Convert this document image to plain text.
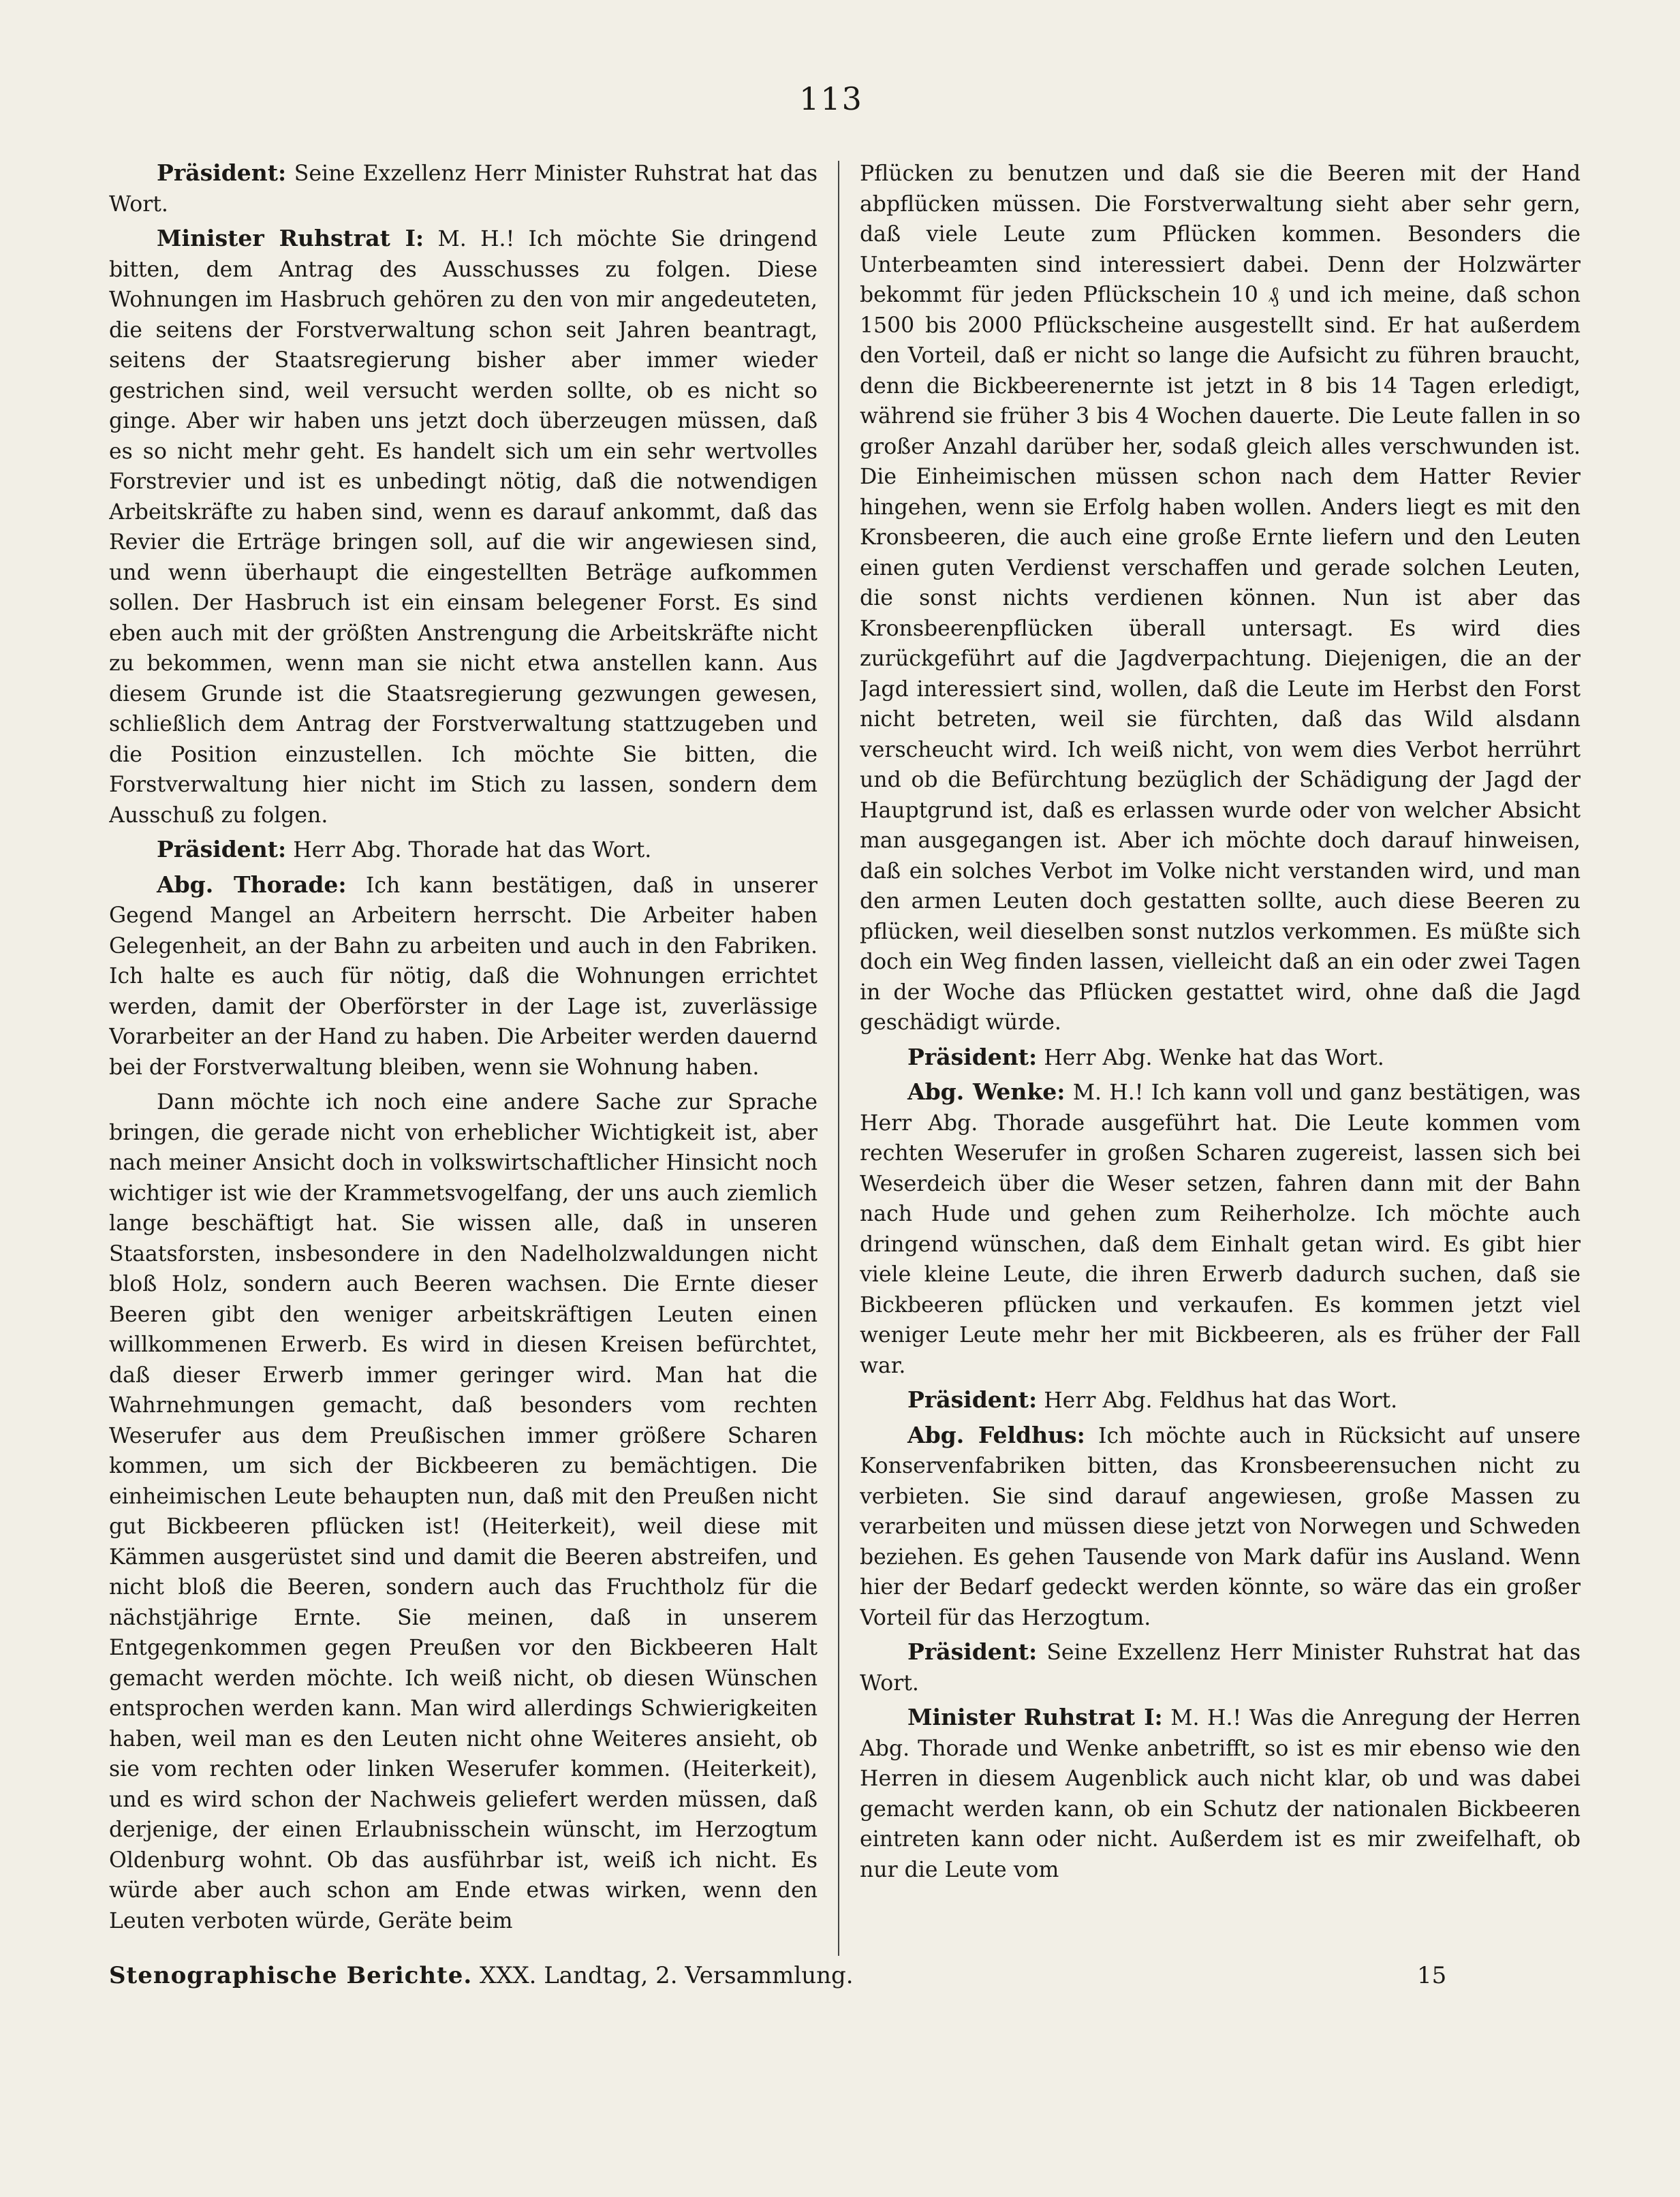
113

Präsident: Seine Exzellenz Herr Minister Ruhstrat hat das Wort.

Minister Ruhstrat I: M. H.! Ich möchte Sie dringend bitten, dem Antrag des Ausschusses zu folgen. Diese Wohnungen im Hasbruch gehören zu den von mir angedeuteten, die seitens der Forstverwaltung schon seit Jahren beantragt, seitens der Staatsregierung bisher aber immer wieder gestrichen sind, weil versucht werden sollte, ob es nicht so ginge. Aber wir haben uns jetzt doch überzeugen müssen, daß es so nicht mehr geht. Es handelt sich um ein sehr wertvolles Forstrevier und ist es unbedingt nötig, daß die notwendigen Arbeitskräfte zu haben sind, wenn es darauf ankommt, daß das Revier die Erträge bringen soll, auf die wir angewiesen sind, und wenn überhaupt die eingestellten Beträge aufkommen sollen. Der Hasbruch ist ein einsam belegener Forst. Es sind eben auch mit der größten Anstrengung die Arbeitskräfte nicht zu bekommen, wenn man sie nicht etwa anstellen kann. Aus diesem Grunde ist die Staatsregierung gezwungen gewesen, schließlich dem Antrag der Forstverwaltung stattzugeben und die Position einzustellen. Ich möchte Sie bitten, die Forstverwaltung hier nicht im Stich zu lassen, sondern dem Ausschuß zu folgen.

Präsident: Herr Abg. Thorade hat das Wort.

Abg. Thorade: Ich kann bestätigen, daß in unserer Gegend Mangel an Arbeitern herrscht. Die Arbeiter haben Gelegenheit, an der Bahn zu arbeiten und auch in den Fabriken. Ich halte es auch für nötig, daß die Wohnungen errichtet werden, damit der Oberförster in der Lage ist, zuverlässige Vorarbeiter an der Hand zu haben. Die Arbeiter werden dauernd bei der Forstverwaltung bleiben, wenn sie Wohnung haben.

Dann möchte ich noch eine andere Sache zur Sprache bringen, die gerade nicht von erheblicher Wichtigkeit ist, aber nach meiner Ansicht doch in volkswirtschaftlicher Hinsicht noch wichtiger ist wie der Krammetsvogelfang, der uns auch ziemlich lange beschäftigt hat. Sie wissen alle, daß in unseren Staatsforsten, insbesondere in den Nadelholzwaldungen nicht bloß Holz, sondern auch Beeren wachsen. Die Ernte dieser Beeren gibt den weniger arbeitskräftigen Leuten einen willkommenen Erwerb. Es wird in diesen Kreisen befürchtet, daß dieser Erwerb immer geringer wird. Man hat die Wahrnehmungen gemacht, daß besonders vom rechten Weserufer aus dem Preußischen immer größere Scharen kommen, um sich der Bickbeeren zu bemächtigen. Die einheimischen Leute behaupten nun, daß mit den Preußen nicht gut Bickbeeren pflücken ist! (Heiterkeit), weil diese mit Kämmen ausgerüstet sind und damit die Beeren abstreifen, und nicht bloß die Beeren, sondern auch das Fruchtholz für die nächstjährige Ernte. Sie meinen, daß in unserem Entgegenkommen gegen Preußen vor den Bickbeeren Halt gemacht werden möchte. Ich weiß nicht, ob diesen Wünschen entsprochen werden kann. Man wird allerdings Schwierigkeiten haben, weil man es den Leuten nicht ohne Weiteres ansieht, ob sie vom rechten oder linken Weserufer kommen. (Heiterkeit), und es wird schon der Nachweis geliefert werden müssen, daß derjenige, der einen Erlaubnisschein wünscht, im Herzogtum Oldenburg wohnt. Ob das ausführbar ist, weiß ich nicht. Es würde aber auch schon am Ende etwas wirken, wenn den Leuten verboten würde, Geräte beim

Pflücken zu benutzen und daß sie die Beeren mit der Hand abpflücken müssen. Die Forstverwaltung sieht aber sehr gern, daß viele Leute zum Pflücken kommen. Besonders die Unterbeamten sind interessiert dabei. Denn der Holzwärter bekommt für jeden Pflückschein 10 ₰ und ich meine, daß schon 1500 bis 2000 Pflückscheine ausgestellt sind. Er hat außerdem den Vorteil, daß er nicht so lange die Aufsicht zu führen braucht, denn die Bickbeerenernte ist jetzt in 8 bis 14 Tagen erledigt, während sie früher 3 bis 4 Wochen dauerte. Die Leute fallen in so großer Anzahl darüber her, sodaß gleich alles verschwunden ist. Die Einheimischen müssen schon nach dem Hatter Revier hingehen, wenn sie Erfolg haben wollen. Anders liegt es mit den Kronsbeeren, die auch eine große Ernte liefern und den Leuten einen guten Verdienst verschaffen und gerade solchen Leuten, die sonst nichts verdienen können. Nun ist aber das Kronsbeerenpflücken überall untersagt. Es wird dies zurückgeführt auf die Jagdverpachtung. Diejenigen, die an der Jagd interessiert sind, wollen, daß die Leute im Herbst den Forst nicht betreten, weil sie fürchten, daß das Wild alsdann verscheucht wird. Ich weiß nicht, von wem dies Verbot herrührt und ob die Befürchtung bezüglich der Schädigung der Jagd der Hauptgrund ist, daß es erlassen wurde oder von welcher Absicht man ausgegangen ist. Aber ich möchte doch darauf hinweisen, daß ein solches Verbot im Volke nicht verstanden wird, und man den armen Leuten doch gestatten sollte, auch diese Beeren zu pflücken, weil dieselben sonst nutzlos verkommen. Es müßte sich doch ein Weg finden lassen, vielleicht daß an ein oder zwei Tagen in der Woche das Pflücken gestattet wird, ohne daß die Jagd geschädigt würde.

Präsident: Herr Abg. Wenke hat das Wort.

Abg. Wenke: M. H.! Ich kann voll und ganz bestätigen, was Herr Abg. Thorade ausgeführt hat. Die Leute kommen vom rechten Weserufer in großen Scharen zugereist, lassen sich bei Weserdeich über die Weser setzen, fahren dann mit der Bahn nach Hude und gehen zum Reiherholze. Ich möchte auch dringend wünschen, daß dem Einhalt getan wird. Es gibt hier viele kleine Leute, die ihren Erwerb dadurch suchen, daß sie Bickbeeren pflücken und verkaufen. Es kommen jetzt viel weniger Leute mehr her mit Bickbeeren, als es früher der Fall war.

Präsident: Herr Abg. Feldhus hat das Wort.

Abg. Feldhus: Ich möchte auch in Rücksicht auf unsere Konservenfabriken bitten, das Kronsbeerensuchen nicht zu verbieten. Sie sind darauf angewiesen, große Massen zu verarbeiten und müssen diese jetzt von Norwegen und Schweden beziehen. Es gehen Tausende von Mark dafür ins Ausland. Wenn hier der Bedarf gedeckt werden könnte, so wäre das ein großer Vorteil für das Herzogtum.

Präsident: Seine Exzellenz Herr Minister Ruhstrat hat das Wort.

Minister Ruhstrat I: M. H.! Was die Anregung der Herren Abg. Thorade und Wenke anbetrifft, so ist es mir ebenso wie den Herren in diesem Augenblick auch nicht klar, ob und was dabei gemacht werden kann, ob ein Schutz der nationalen Bickbeeren eintreten kann oder nicht. Außerdem ist es mir zweifelhaft, ob nur die Leute vom

Stenographische Berichte. XXX. Landtag, 2. Versammlung.	15
